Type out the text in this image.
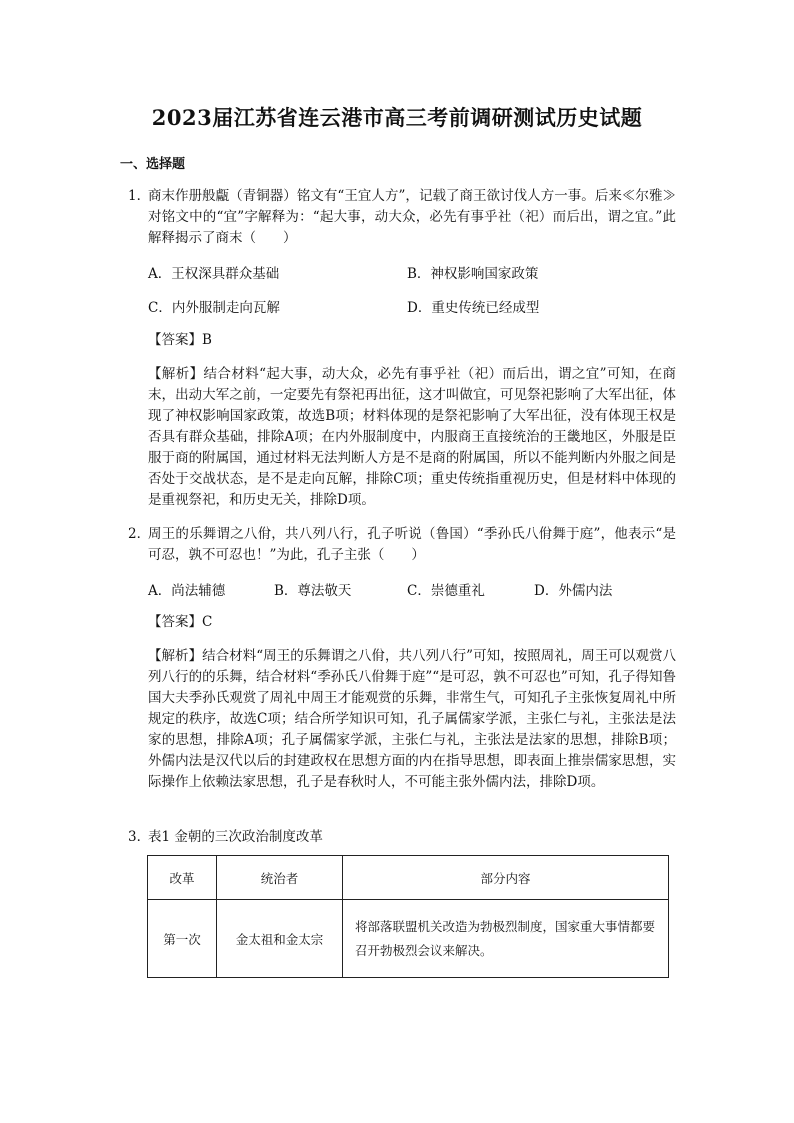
2023届江苏省连云港市高三考前调研测试历史试题
一、选择题
1．
商末作册般甗（青铜器）铭文有“王宜人方”，记载了商王欲讨伐人方一事。后来≪尔雅≫对铭文中的“宜”字解释为：“起大事，动大众，必先有事乎社（祀）而后出，谓之宜。”此解释揭示了商末（　　）
A．王权深具群众基础	B．神权影响国家政策
C．内外服制走向瓦解	D．重史传统已经成型
【答案】B
【解析】结合材料“起大事，动大众，必先有事乎社（祀）而后出，谓之宜”可知，在商末，出动大军之前，一定要先有祭祀再出征，这才叫做宜，可见祭祀影响了大军出征，体现了神权影响国家政策，故选B项；材料体现的是祭祀影响了大军出征，没有体现王权是否具有群众基础，排除A项；在内外服制度中，内服商王直接统治的王畿地区，外服是臣服于商的附属国，通过材料无法判断人方是不是商的附属国，所以不能判断内外服之间是否处于交战状态，是不是走向瓦解，排除C项；重史传统指重视历史，但是材料中体现的是重视祭祀，和历史无关，排除D项。
2．
周王的乐舞谓之八佾，共八列八行，孔子听说（鲁国）“季孙氏八佾舞于庭”，他表示“是可忍，孰不可忍也！”为此，孔子主张（　　）
A．尚法辅德	B．尊法敬天	C．崇德重礼	D．外儒内法
【答案】C
【解析】结合材料“周王的乐舞谓之八佾，共八列八行”可知，按照周礼，周王可以观赏八列八行的的乐舞，结合材料“季孙氏八佾舞于庭”“是可忍，孰不可忍也”可知，孔子得知鲁国大夫季孙氏观赏了周礼中周王才能观赏的乐舞，非常生气，可知孔子主张恢复周礼中所规定的秩序，故选C项；结合所学知识可知，孔子属儒家学派，主张仁与礼，主张法是法家的思想，排除A项；孔子属儒家学派，主张仁与礼，主张法是法家的思想，排除B项；外儒内法是汉代以后的封建政权在思想方面的内在指导思想，即表面上推崇儒家思想，实际操作上依赖法家思想，孔子是春秋时人，不可能主张外儒内法，排除D项。
3．
表1 金朝的三次政治制度改革
改革	统治者	部分内容
第一次	金太祖和金太宗	将部落联盟机关改造为勃极烈制度，国家重大事情都要召开勃极烈会议来解决。
